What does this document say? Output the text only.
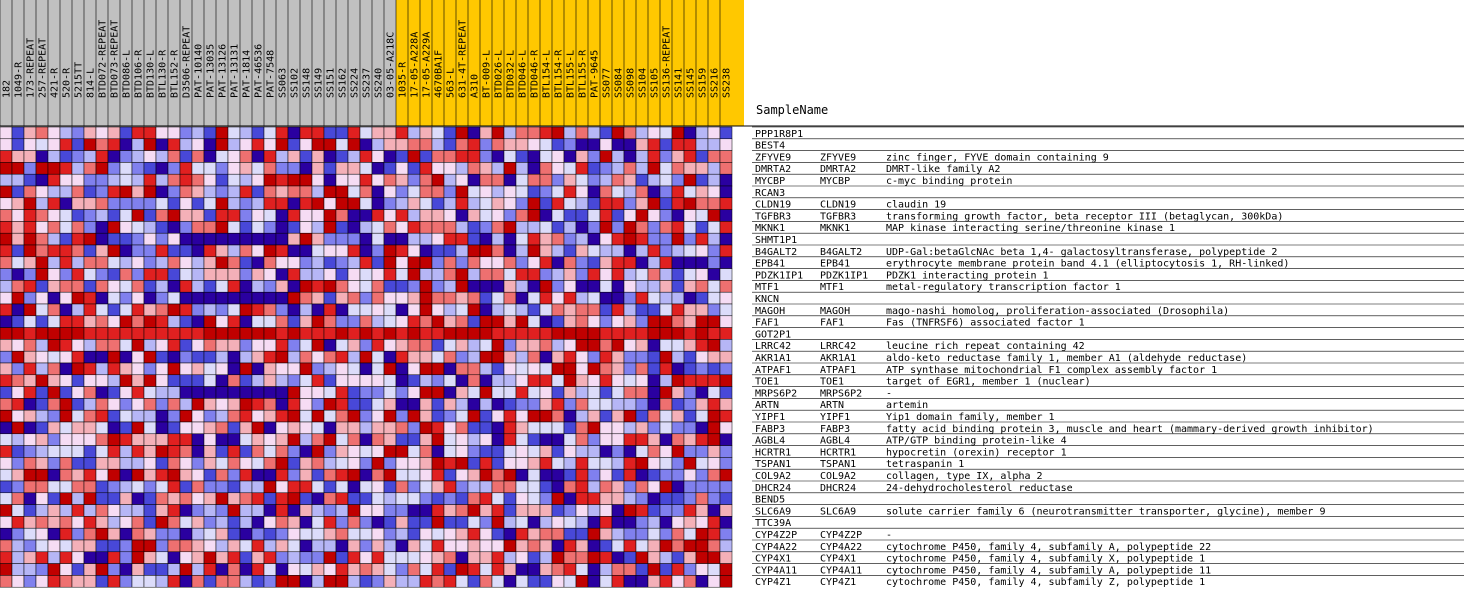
182 1049-R 173-REPEAT 257-REPEAT 421-R 520-R 5215TT 814-L BTD072-REPEAT BTD073-REPEAT BTD086-L BTD106-R BTD130-L BTL130-R BTL152-R D3506-REPEAT PAT-10140 PAT-13035 PAT-13126 PAT-13131 PAT-1814 PAT-46536 PAT-7548 SS063 SS102 SS148 SS149 SS151 SS162 SS224 SS237 SS240 03-05-A218C 1035-R 17-05-A228A 17-05-A229A 4670BA1F 563-L 631-4T-REPEAT A310 BT-009-L BTD026-L BTD032-L BTD046-L BTD046-R BTL154-L BTL154-R BTL155-L BTL155-R PAT-9645 SS077 SS084 SS098 SS104 SS105 SS136-REPEAT SS141 SS145 SS159 SS216 SS238
SampleName
PPP1R8P1
BEST4
ZFYVE9	ZFYVE9	zinc finger, FYVE domain containing 9
DMRTA2	DMRTA2	DMRT-like family A2
MYCBP	MYCBP	c-myc binding protein
RCAN3
CLDN19	CLDN19	claudin 19
TGFBR3	TGFBR3	transforming growth factor, beta receptor III (betaglycan, 300kDa)
MKNK1	MKNK1	MAP kinase interacting serine/threonine kinase 1
SHMT1P1
B4GALT2 B4GALT2 UDP-Gal:betaGlcNAc beta 1,4- galactosyltransferase, polypeptide 2
EPB41	EPB41	erythrocyte membrane protein band 4.1 (elliptocytosis 1, RH-linked)
PDZK1IP1 PDZK1IP1 PDZK1 interacting protein 1
MTF1	MTF1	metal-regulatory transcription factor 1
KNCN
MAGOH	MAGOH	mago-nashi homolog, proliferation-associated (Drosophila)
FAF1	FAF1	Fas (TNFRSF6) associated factor 1
GOT2P1
LRRC42	LRRC42	leucine rich repeat containing 42
AKR1A1	AKR1A1	aldo-keto reductase family 1, member A1 (aldehyde reductase)
ATPAF1	ATPAF1	ATP synthase mitochondrial F1 complex assembly factor 1
TOE1	TOE1	target of EGR1, member 1 (nuclear)
MRPS6P2 MRPS6P2 -
ARTN	ARTN	artemin
YIPF1	YIPF1	Yip1 domain family, member 1
FABP3	FABP3	fatty acid binding protein 3, muscle and heart (mammary-derived growth inhibitor)
AGBL4	AGBL4	ATP/GTP binding protein-like 4
HCRTR1	HCRTR1	hypocretin (orexin) receptor 1
TSPAN1	TSPAN1	tetraspanin 1
COL9A2	COL9A2	collagen, type IX, alpha 2
DHCR24	DHCR24	24-dehydrocholesterol reductase
BEND5
SLC6A9	SLC6A9	solute carrier family 6 (neurotransmitter transporter, glycine), member 9
TTC39A
CYP4Z2P CYP4Z2P -
CYP4A22 CYP4A22 cytochrome P450, family 4, subfamily A, polypeptide 22
CYP4X1	CYP4X1	cytochrome P450, family 4, subfamily X, polypeptide 1
CYP4A11 CYP4A11 cytochrome P450, family 4, subfamily A, polypeptide 11
CYP4Z1	CYP4Z1	cytochrome P450, family 4, subfamily Z, polypeptide 1
